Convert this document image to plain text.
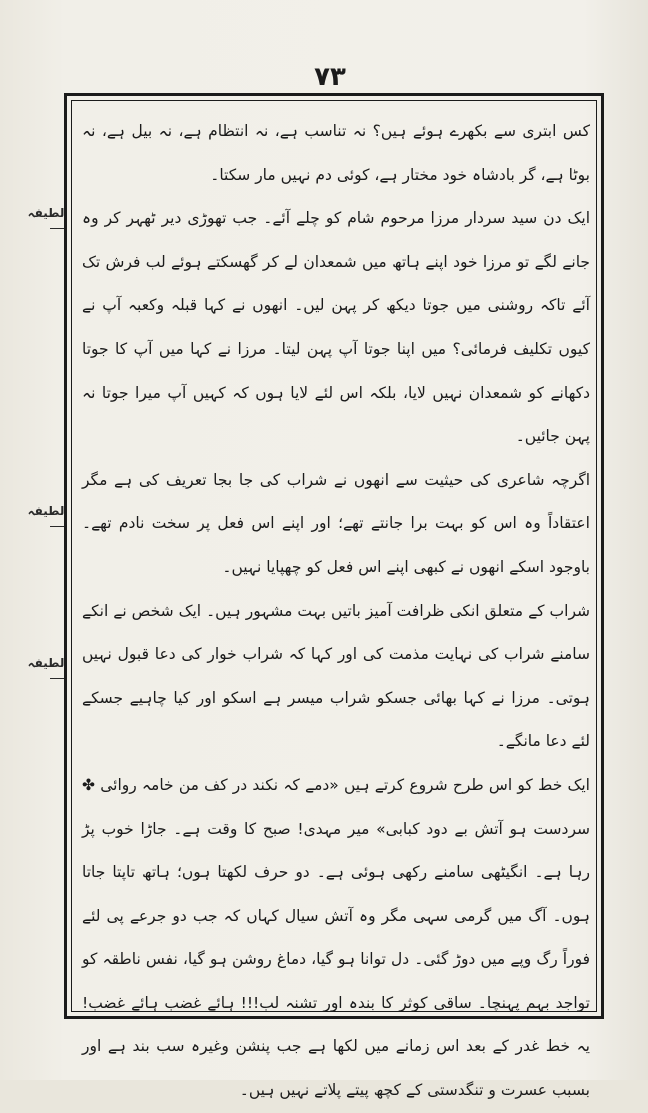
۷۳
لطیفہ
لطیفہ
لطیفہ

کس ابتری سے بکھرے ہوئے ہیں؟ نہ تناسب ہے، نہ انتظام ہے، نہ بیل ہے، نہ بوٹا ہے، گر بادشاہ خود مختار ہے، کوئی دم نہیں مار سکتا۔

ایک دن سید سردار مرزا مرحوم شام کو چلے آئے۔ جب تھوڑی دیر ٹھہر کر وہ جانے لگے تو مرزا خود اپنے ہاتھ میں شمعدان لے کر گھسکتے ہوئے لب فرش تک آئے تاکہ روشنی میں جوتا دیکھ کر پہن لیں۔ انھوں نے کہا قبلہ وکعبہ آپ نے کیوں تکلیف فرمائی؟ میں اپنا جوتا آپ پہن لیتا۔ مرزا نے کہا میں آپ کا جوتا دکھانے کو شمعدان نہیں لایا، بلکہ اس لئے لایا ہوں کہ کہیں آپ میرا جوتا نہ پہن جائیں۔

اگرچہ شاعری کی حیثیت سے انھوں نے شراب کی جا بجا تعریف کی ہے مگر اعتقاداً وہ اس کو بہت برا جانتے تھے؛ اور اپنے اس فعل پر سخت نادم تھے۔ باوجود اسکے انھوں نے کبھی اپنے اس فعل کو چھپایا نہیں۔

شراب کے متعلق انکی ظرافت آمیز باتیں بہت مشہور ہیں۔ ایک شخص نے انکے سامنے شراب کی نہایت مذمت کی اور کہا کہ شراب خوار کی دعا قبول نہیں ہوتی۔ مرزا نے کہا بھائی جسکو شراب میسر ہے اسکو اور کیا چاہیے جسکے لئے دعا مانگے۔

ایک خط کو اس طرح شروع کرتے ہیں «دمے کہ نکند در کف من خامہ روائی ✤ سردست ہو آتش بے دود کبابی» میر مہدی! صبح کا وقت ہے۔ جاڑا خوب پڑ رہا ہے۔ انگیٹھی سامنے رکھی ہوئی ہے۔ دو حرف لکھتا ہوں؛ ہاتھ تاپتا جاتا ہوں۔ آگ میں گرمی سہی مگر وہ آتش سیال کہاں کہ جب دو جرعے پی لئے فوراً رگ وپے میں دوڑ گئی۔ دل توانا ہو گیا، دماغ روشن ہو گیا، نفس ناطقہ کو تواجد بہم پہنچا۔ ساقی کوثر کا بندہ اور تشنہ لب!!! ہائے غضب ہائے غضب! یہ خط غدر کے بعد اس زمانے میں لکھا ہے جب پنشن وغیرہ سب بند ہے اور بسبب عسرت و تنگدستی کے کچھ پیتے پلاتے نہیں ہیں۔
